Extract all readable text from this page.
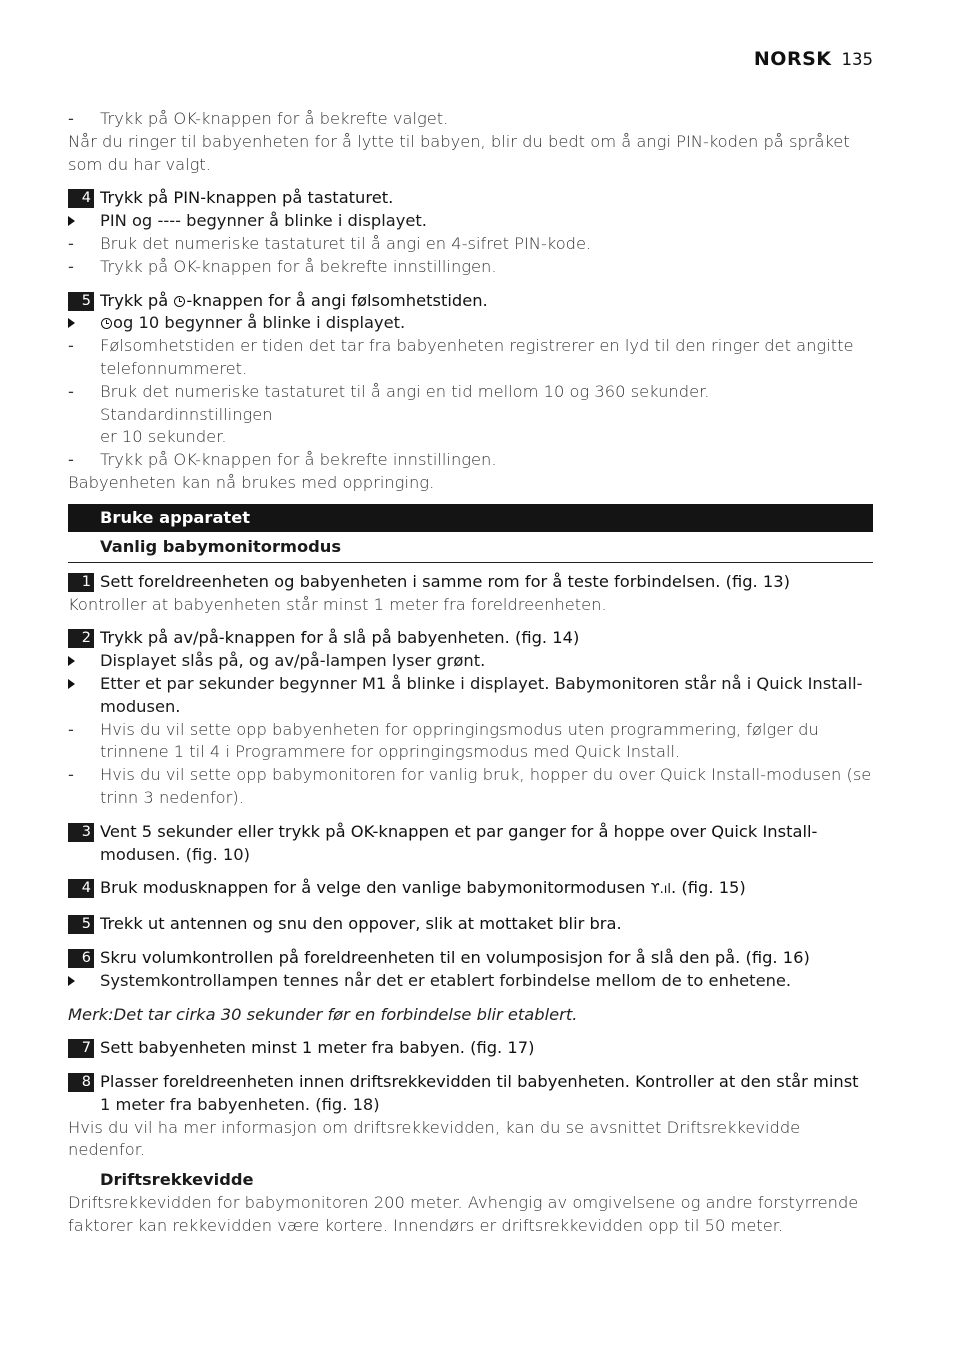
NORSK 135
-	Trykk på OK-knappen for å bekrefte valget.
Når du ringer til babyenheten for å lytte til babyen, blir du bedt om å angi PIN-koden på språket
som du har valgt.
4 Trykk på PIN-knappen på tastaturet.
PIN og ---- begynner å blinke i displayet.
-	Bruk det numeriske tastaturet til å angi en 4-sifret PIN-kode.
-	Trykk på OK-knappen for å bekrefte innstillingen.
5 Trykk på -knappen for å angi følsomhetstiden.
og 10 begynner å blinke i displayet.
-	Følsomhetstiden er tiden det tar fra babyenheten registrerer en lyd til den ringer det angitte
telefonnummeret.
-	Bruk det numeriske tastaturet til å angi en tid mellom 10 og 360 sekunder. Standardinnstillingen
er 10 sekunder.
-	Trykk på OK-knappen for å bekrefte innstillingen.
Babyenheten kan nå brukes med oppringing.
Bruke apparatet
Vanlig babymonitormodus
1 Sett foreldreenheten og babyenheten i samme rom for å teste forbindelsen. (fig. 13)
Kontroller at babyenheten står minst 1 meter fra foreldreenheten.
2 Trykk på av/på-knappen for å slå på babyenheten. (fig. 14)
Displayet slås på, og av/på-lampen lyser grønt.
Etter et par sekunder begynner M1 å blinke i displayet. Babymonitoren står nå i Quick Install-
modusen.
-	Hvis du vil sette opp babyenheten for oppringingsmodus uten programmering, følger du
trinnene 1 til 4 i Programmere for oppringingsmodus med Quick Install.
-	Hvis du vil sette opp babymonitoren for vanlig bruk, hopper du over Quick Install-modusen (se
trinn 3 nedenfor).
3 Vent 5 sekunder eller trykk på OK-knappen et par ganger for å hoppe over Quick Install-
modusen. (fig. 10)
4 Bruk modusknappen for å velge den vanlige babymonitormodusen ϒ.ıl. (fig. 15)
5 Trekk ut antennen og snu den oppover, slik at mottaket blir bra.
6 Skru volumkontrollen på foreldreenheten til en volumposisjon for å slå den på. (fig. 16)
Systemkontrollampen tennes når det er etablert forbindelse mellom de to enhetene.
Merk:Det tar cirka 30 sekunder før en forbindelse blir etablert.
7 Sett babyenheten minst 1 meter fra babyen. (fig. 17)
8 Plasser foreldreenheten innen driftsrekkevidden til babyenheten. Kontroller at den står minst
1 meter fra babyenheten. (fig. 18)
Hvis du vil ha mer informasjon om driftsrekkevidden, kan du se avsnittet Driftsrekkevidde nedenfor.
Driftsrekkevidde
Driftsrekkevidden for babymonitoren 200 meter. Avhengig av omgivelsene og andre forstyrrende
faktorer kan rekkevidden være kortere. Innendørs er driftsrekkevidden opp til 50 meter.
